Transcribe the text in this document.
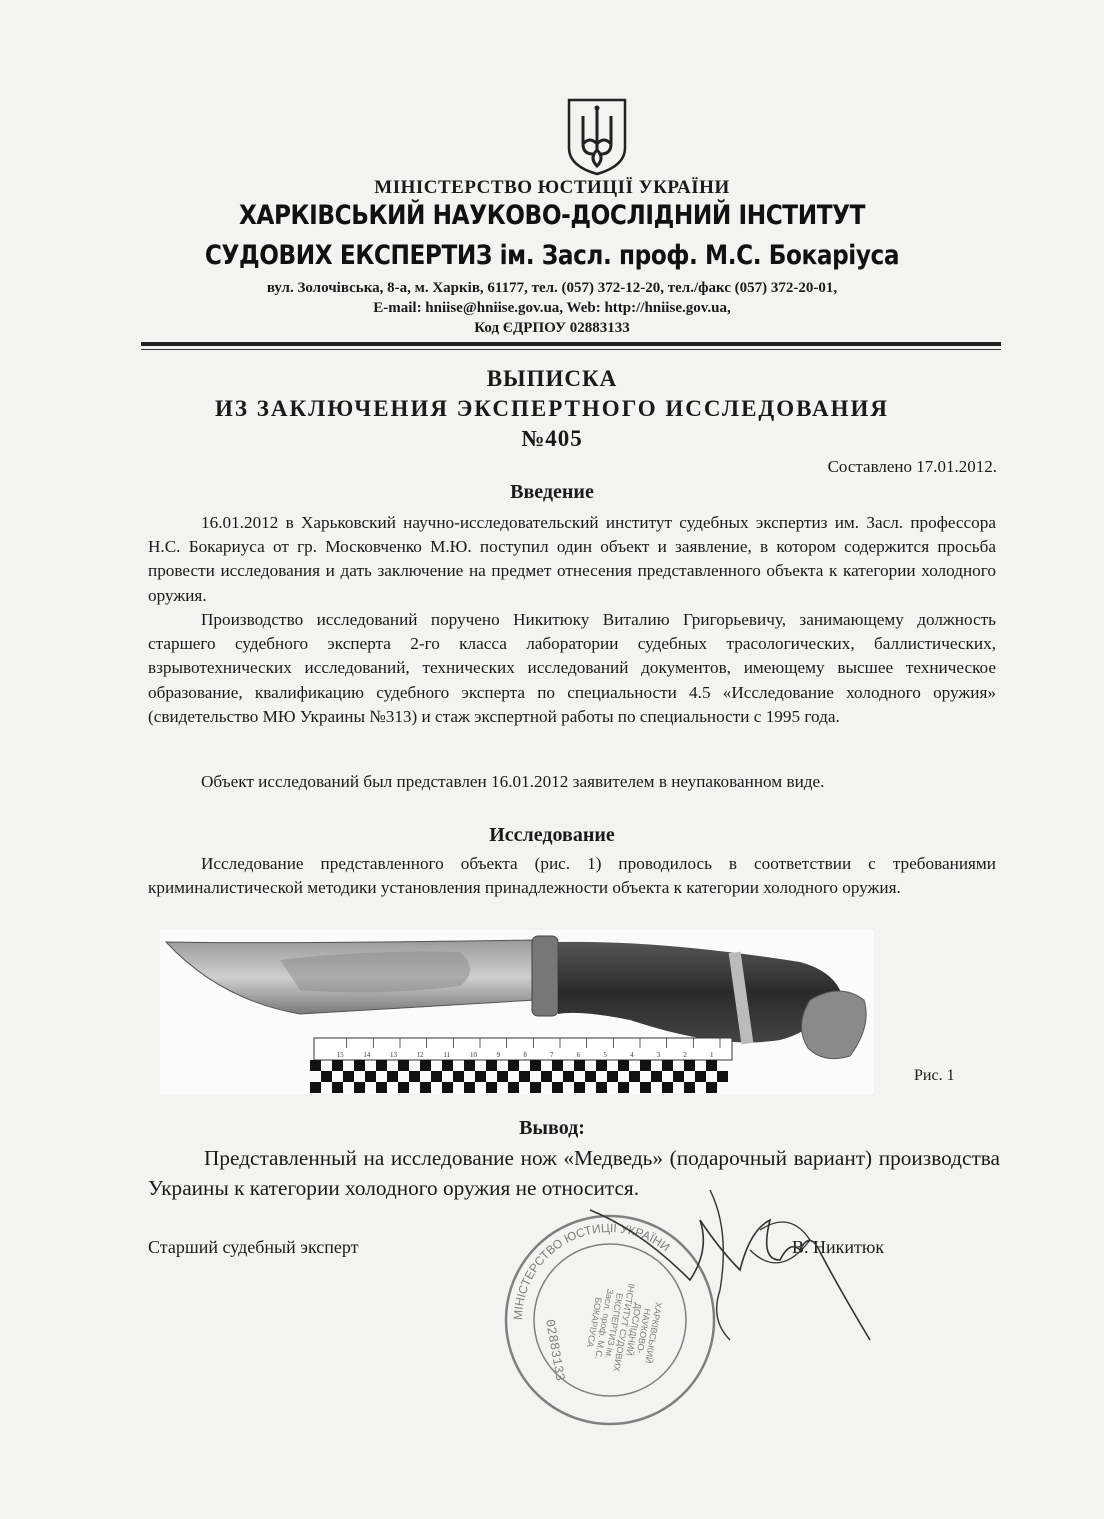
МІНІСТЕРСТВО ЮСТИЦІЇ УКРАЇНИ
ХАРКІВСЬКИЙ НАУКОВО-ДОСЛІДНИЙ ІНСТИТУТ
СУДОВИХ ЕКСПЕРТИЗ ім. Засл. проф. М.С. Бокаріуса
вул. Золочівська, 8-а, м. Харків, 61177, тел. (057) 372-12-20, тел./факс (057) 372-20-01,
E-mail: hniise@hniise.gov.ua, Web: http://hniise.gov.ua,
Код ЄДРПОУ 02883133
ВЫПИСКА
ИЗ ЗАКЛЮЧЕНИЯ ЭКСПЕРТНОГО ИССЛЕДОВАНИЯ
№405
Составлено 17.01.2012.
Введение

16.01.2012 в Харьковский научно-исследовательский институт судебных экспертиз им. Засл. профессора Н.С. Бокариуса от гр. Московченко М.Ю. поступил один объект и заявление, в котором содержится просьба провести исследования и дать заключение на предмет отнесения представленного объекта к категории холодного оружия.

Производство исследований поручено Никитюку Виталию Григорьевичу, занимающему должность старшего судебного эксперта 2-го класса лаборатории судебных трасологических, баллистических, взрывотехнических исследований, технических исследований документов, имеющему высшее техническое образование, квалификацию судебного эксперта по специальности 4.5 «Исследование холодного оружия» (свидетельство МЮ Украины №313) и стаж экспертной работы по специальности с 1995 года.

Объект исследований был представлен 16.01.2012 заявителем в неупакованном виде.

Исследование

Исследование представленного объекта (рис. 1) проводилось в соответствии с требованиями криминалистической методики установления принадлежности объекта к категории холодного оружия.

1
2
3
4
5
6
7
8
9
10
11
12
13
14
15
Рис. 1
Вывод:

Представленный на исследование нож «Медведь» (подарочный вариант) производства Украины к категории холодного оружия не относится.

Старший судебный эксперт	В. Никитюк
МІНІСТЕРСТВО ЮСТИЦІЇ УКРАЇНИ
02883133	ХАРКІВСЬКИЙ НАУКОВО-ДОСЛІДНИЙ ІНСТИТУТ СУДОВИХ ЕКСПЕРТИЗ ім. Засл. проф. М.С. БОКАРІУСА
